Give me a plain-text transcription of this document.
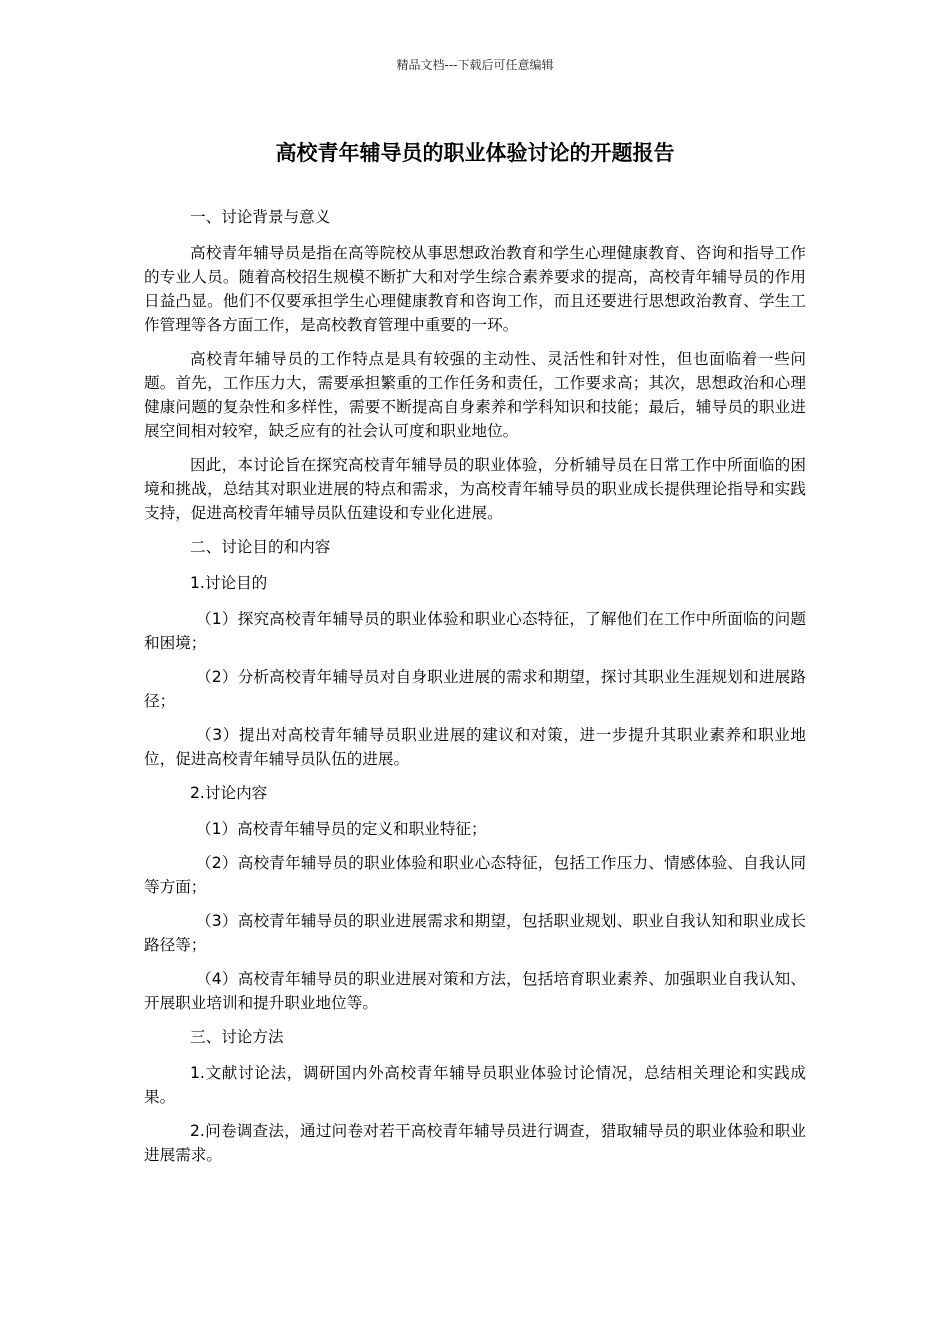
精品文档---下载后可任意编辑
高校青年辅导员的职业体验讨论的开题报告

一、讨论背景与意义

高校青年辅导员是指在高等院校从事思想政治教育和学生心理健康教育、咨询和指导工作的专业人员。随着高校招生规模不断扩大和对学生综合素养要求的提高，高校青年辅导员的作用日益凸显。他们不仅要承担学生心理健康教育和咨询工作，而且还要进行思想政治教育、学生工作管理等各方面工作，是高校教育管理中重要的一环。

高校青年辅导员的工作特点是具有较强的主动性、灵活性和针对性，但也面临着一些问题。首先，工作压力大，需要承担繁重的工作任务和责任，工作要求高；其次，思想政治和心理健康问题的复杂性和多样性，需要不断提高自身素养和学科知识和技能；最后，辅导员的职业进展空间相对较窄，缺乏应有的社会认可度和职业地位。

因此，本讨论旨在探究高校青年辅导员的职业体验，分析辅导员在日常工作中所面临的困境和挑战，总结其对职业进展的特点和需求，为高校青年辅导员的职业成长提供理论指导和实践支持，促进高校青年辅导员队伍建设和专业化进展。

二、讨论目的和内容

1.讨论目的

（1）探究高校青年辅导员的职业体验和职业心态特征，了解他们在工作中所面临的问题和困境；

（2）分析高校青年辅导员对自身职业进展的需求和期望，探讨其职业生涯规划和进展路径；

（3）提出对高校青年辅导员职业进展的建议和对策，进一步提升其职业素养和职业地位，促进高校青年辅导员队伍的进展。

2.讨论内容

（1）高校青年辅导员的定义和职业特征；

（2）高校青年辅导员的职业体验和职业心态特征，包括工作压力、情感体验、自我认同等方面；

（3）高校青年辅导员的职业进展需求和期望，包括职业规划、职业自我认知和职业成长路径等；

（4）高校青年辅导员的职业进展对策和方法，包括培育职业素养、加强职业自我认知、开展职业培训和提升职业地位等。

三、讨论方法

1.文献讨论法，调研国内外高校青年辅导员职业体验讨论情况，总结相关理论和实践成果。

2.问卷调查法，通过问卷对若干高校青年辅导员进行调查，猎取辅导员的职业体验和职业进展需求。
